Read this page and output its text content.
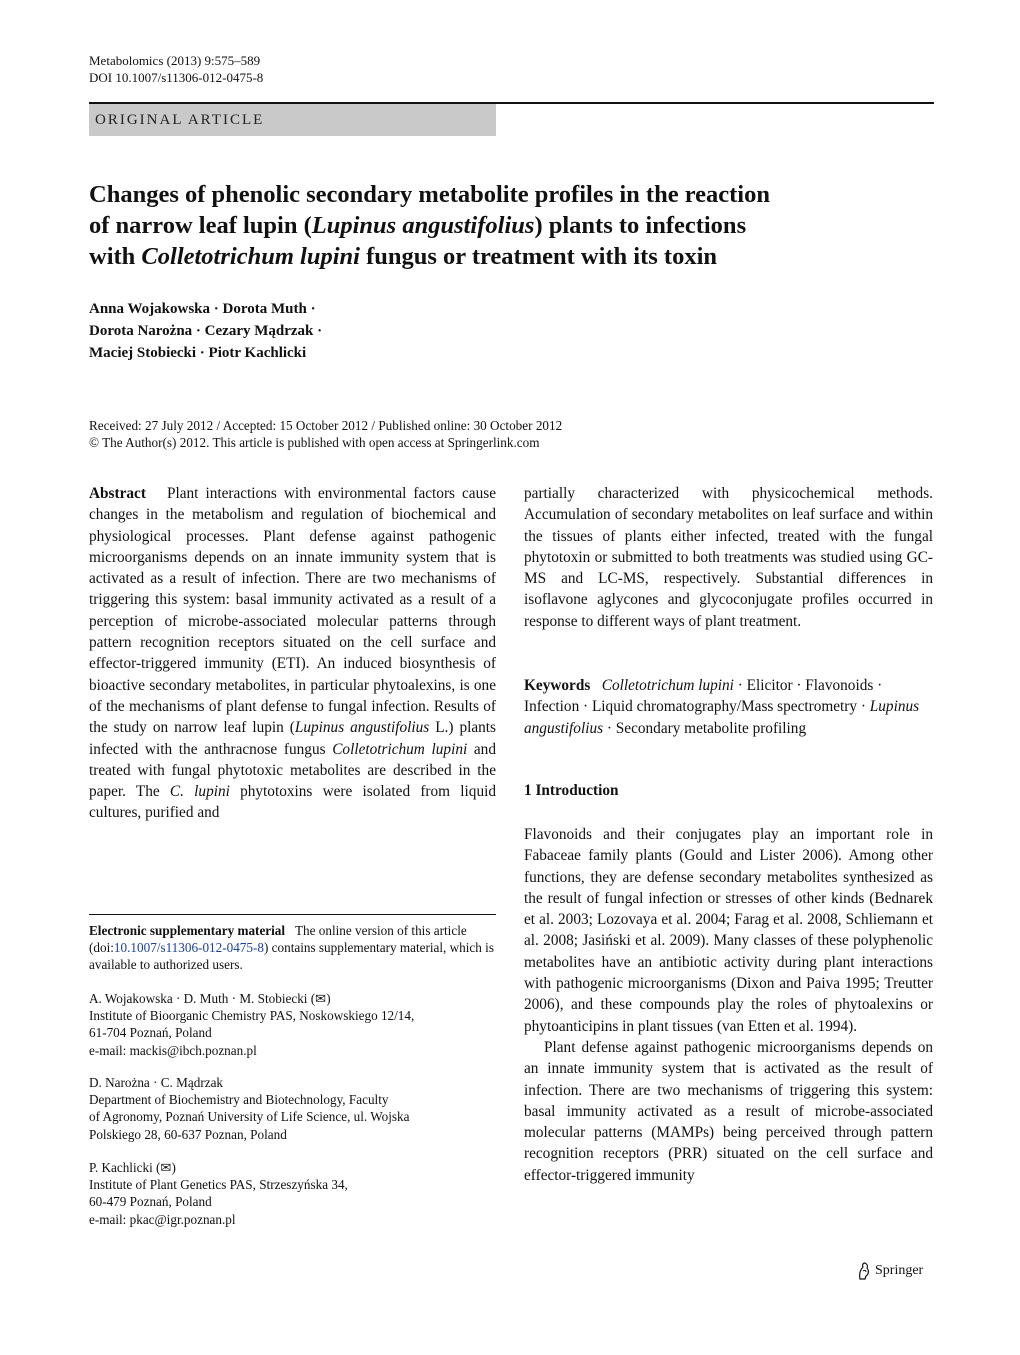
Metabolomics (2013) 9:575–589
DOI 10.1007/s11306-012-0475-8
ORIGINAL ARTICLE
Changes of phenolic secondary metabolite profiles in the reaction
of narrow leaf lupin (Lupinus angustifolius) plants to infections
with Colletotrichum lupini fungus or treatment with its toxin
Anna Wojakowska · Dorota Muth ·
Dorota Narożna · Cezary Mądrzak ·
Maciej Stobiecki · Piotr Kachlicki
Received: 27 July 2012 / Accepted: 15 October 2012 / Published online: 30 October 2012
© The Author(s) 2012. This article is published with open access at Springerlink.com

Abstract Plant interactions with environmental factors cause changes in the metabolism and regulation of biochemical and physiological processes. Plant defense against pathogenic microorganisms depends on an innate immunity system that is activated as a result of infection. There are two mechanisms of triggering this system: basal immunity activated as a result of a perception of microbe-associated molecular patterns through pattern recognition receptors situated on the cell surface and effector-triggered immunity (ETI). An induced biosynthesis of bioactive secondary metabolites, in particular phytoalexins, is one of the mechanisms of plant defense to fungal infection. Results of the study on narrow leaf lupin (Lupinus angustifolius L.) plants infected with the anthracnose fungus Colletotrichum lupini and treated with fungal phytotoxic metabolites are described in the paper. The C. lupini phytotoxins were isolated from liquid cultures, purified and

partially characterized with physicochemical methods. Accumulation of secondary metabolites on leaf surface and within the tissues of plants either infected, treated with the fungal phytotoxin or submitted to both treatments was studied using GC-MS and LC-MS, respectively. Substantial differences in isoflavone aglycones and glycoconjugate profiles occurred in response to different ways of plant treatment.

Keywords Colletotrichum lupini · Elicitor · Flavonoids · Infection · Liquid chromatography/Mass spectrometry · Lupinus angustifolius · Secondary metabolite profiling

1 Introduction

Flavonoids and their conjugates play an important role in Fabaceae family plants (Gould and Lister 2006). Among other functions, they are defense secondary metabolites synthesized as the result of fungal infection or stresses of other kinds (Bednarek et al. 2003; Lozovaya et al. 2004; Farag et al. 2008, Schliemann et al. 2008; Jasiński et al. 2009). Many classes of these polyphenolic metabolites have an antibiotic activity during plant interactions with pathogenic microorganisms (Dixon and Paiva 1995; Treutter 2006), and these compounds play the roles of phytoalexins or phytoanticipins in plant tissues (van Etten et al. 1994).

Plant defense against pathogenic microorganisms depends on an innate immunity system that is activated as the result of infection. There are two mechanisms of triggering this system: basal immunity activated as a result of microbe-associated molecular patterns (MAMPs) being perceived through pattern recognition receptors (PRR) situated on the cell surface and effector-triggered immunity

Electronic supplementary material The online version of this article (doi:10.1007/s11306-012-0475-8) contains supplementary material, which is available to authorized users.
A. Wojakowska · D. Muth · M. Stobiecki (✉)
Institute of Bioorganic Chemistry PAS, Noskowskiego 12/14,
61-704 Poznań, Poland
e-mail: mackis@ibch.poznan.pl
D. Narożna · C. Mądrzak
Department of Biochemistry and Biotechnology, Faculty
of Agronomy, Poznań University of Life Science, ul. Wojska
Polskiego 28, 60-637 Poznan, Poland
P. Kachlicki (✉)
Institute of Plant Genetics PAS, Strzeszyńska 34,
60-479 Poznań, Poland
e-mail: pkac@igr.poznan.pl
Springer
